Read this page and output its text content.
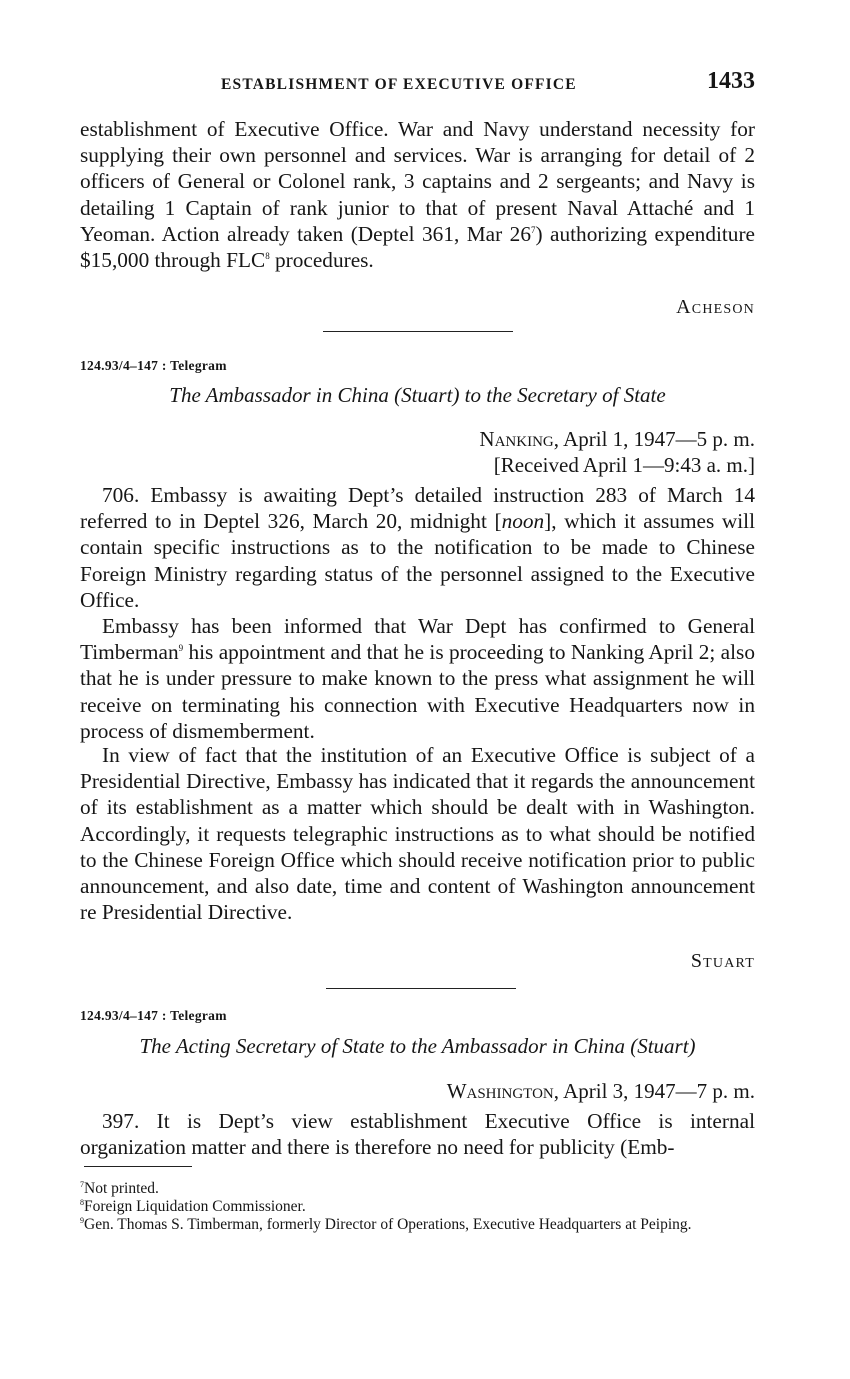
ESTABLISHMENT OF EXECUTIVE OFFICE	1433

establishment of Executive Office. War and Navy understand necessity for supplying their own personnel and services. War is arranging for detail of 2 officers of General or Colonel rank, 3 captains and 2 sergeants; and Navy is detailing 1 Captain of rank junior to that of present Naval Attaché and 1 Yeoman. Action already taken (Deptel 361, Mar $26^7$) authorizing expenditure $15,000 through FLC$^8$ procedures.

Acheson
124.93/4–147 : Telegram
The Ambassador in China (Stuart) to the Secretary of State
Nanking, April 1, 1947—5 p. m.
[Received April 1—9:43 a. m.]

706. Embassy is awaiting Dept’s detailed instruction 283 of March 14 referred to in Deptel 326, March 20, midnight [noon], which it assumes will contain specific instructions as to the notification to be made to Chinese Foreign Ministry regarding status of the personnel assigned to the Executive Office.

Embassy has been informed that War Dept has confirmed to General Timberman$^9$ his appointment and that he is proceeding to Nanking April 2; also that he is under pressure to make known to the press what assignment he will receive on terminating his connection with Executive Headquarters now in process of dismemberment.

In view of fact that the institution of an Executive Office is subject of a Presidential Directive, Embassy has indicated that it regards the announcement of its establishment as a matter which should be dealt with in Washington. Accordingly, it requests telegraphic instructions as to what should be notified to the Chinese Foreign Office which should receive notification prior to public announcement, and also date, time and content of Washington announcement re Presidential Directive.

Stuart
124.93/4–147 : Telegram
The Acting Secretary of State to the Ambassador in China (Stuart)
Washington, April 3, 1947—7 p. m.

397. It is Dept’s view establishment Executive Office is internal organization matter and there is therefore no need for publicity (Emb-

$^7$Not printed.
$^8$Foreign Liquidation Commissioner.
$^9$Gen. Thomas S. Timberman, formerly Director of Operations, Executive Headquarters at Peiping.
